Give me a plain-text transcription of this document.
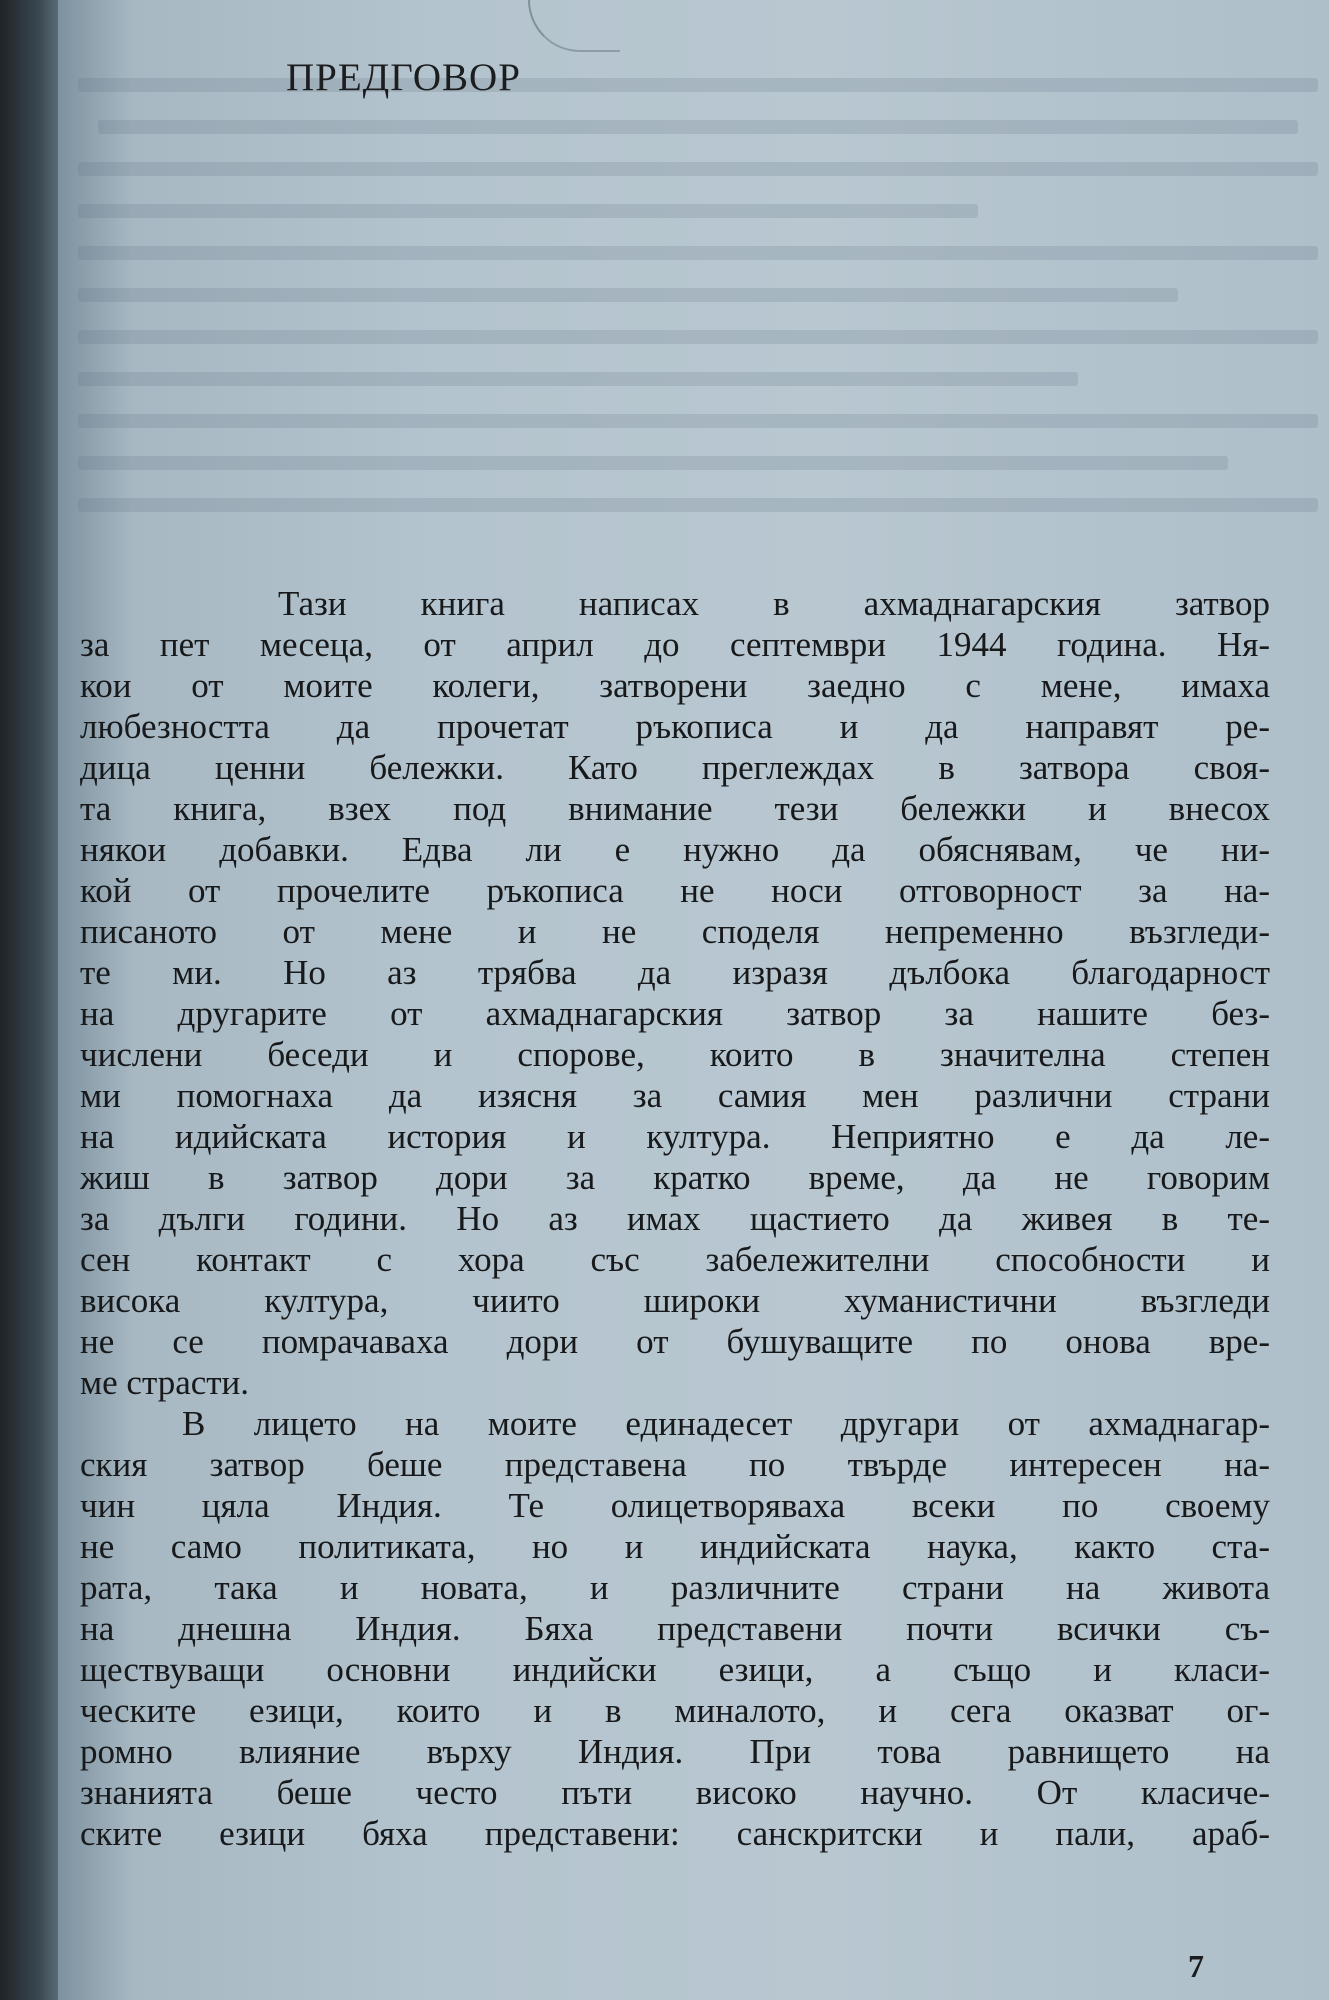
ПРЕДГОВОР
Тази книга написах в ахмаднагарския затвор
за пет месеца, от април до септември 1944 година. Ня-
кои от моите колеги, затворени заедно с мене, имаха
любезността да прочетат ръкописа и да направят ре-
дица ценни бележки. Като преглеждах в затвора своя-
та книга, взех под внимание тези бележки и внесох
някои добавки. Едва ли е нужно да обяснявам, че ни-
кой от прочелите ръкописа не носи отговорност за на-
писаното от мене и не споделя непременно възгледи-
те ми. Но аз трябва да изразя дълбока благодарност
на другарите от ахмаднагарския затвор за нашите без-
числени беседи и спорове, които в значителна степен
ми помогнаха да изясня за самия мен различни страни
на идийската история и култура. Неприятно е да ле-
жиш в затвор дори за кратко време, да не говорим
за дълги години. Но аз имах щастието да живея в те-
сен контакт с хора със забележителни способности и
висока култура, чиито широки хуманистични възгледи
не се помрачаваха дори от бушуващите по онова вре-
ме страсти.
В лицето на моите единадесет другари от ахмаднагар-
ския затвор беше представена по твърде интересен на-
чин цяла Индия. Те олицетворяваха всеки по своему
не само политиката, но и индийската наука, както ста-
рата, така и новата, и различните страни на живота
на днешна Индия. Бяха представени почти всички съ-
ществуващи основни индийски езици, а също и класи-
ческите езици, които и в миналото, и сега оказват ог-
ромно влияние върху Индия. При това равнището на
знанията беше често пъти високо научно. От класиче-
ските езици бяха представени: санскритски и пали, араб-
7
